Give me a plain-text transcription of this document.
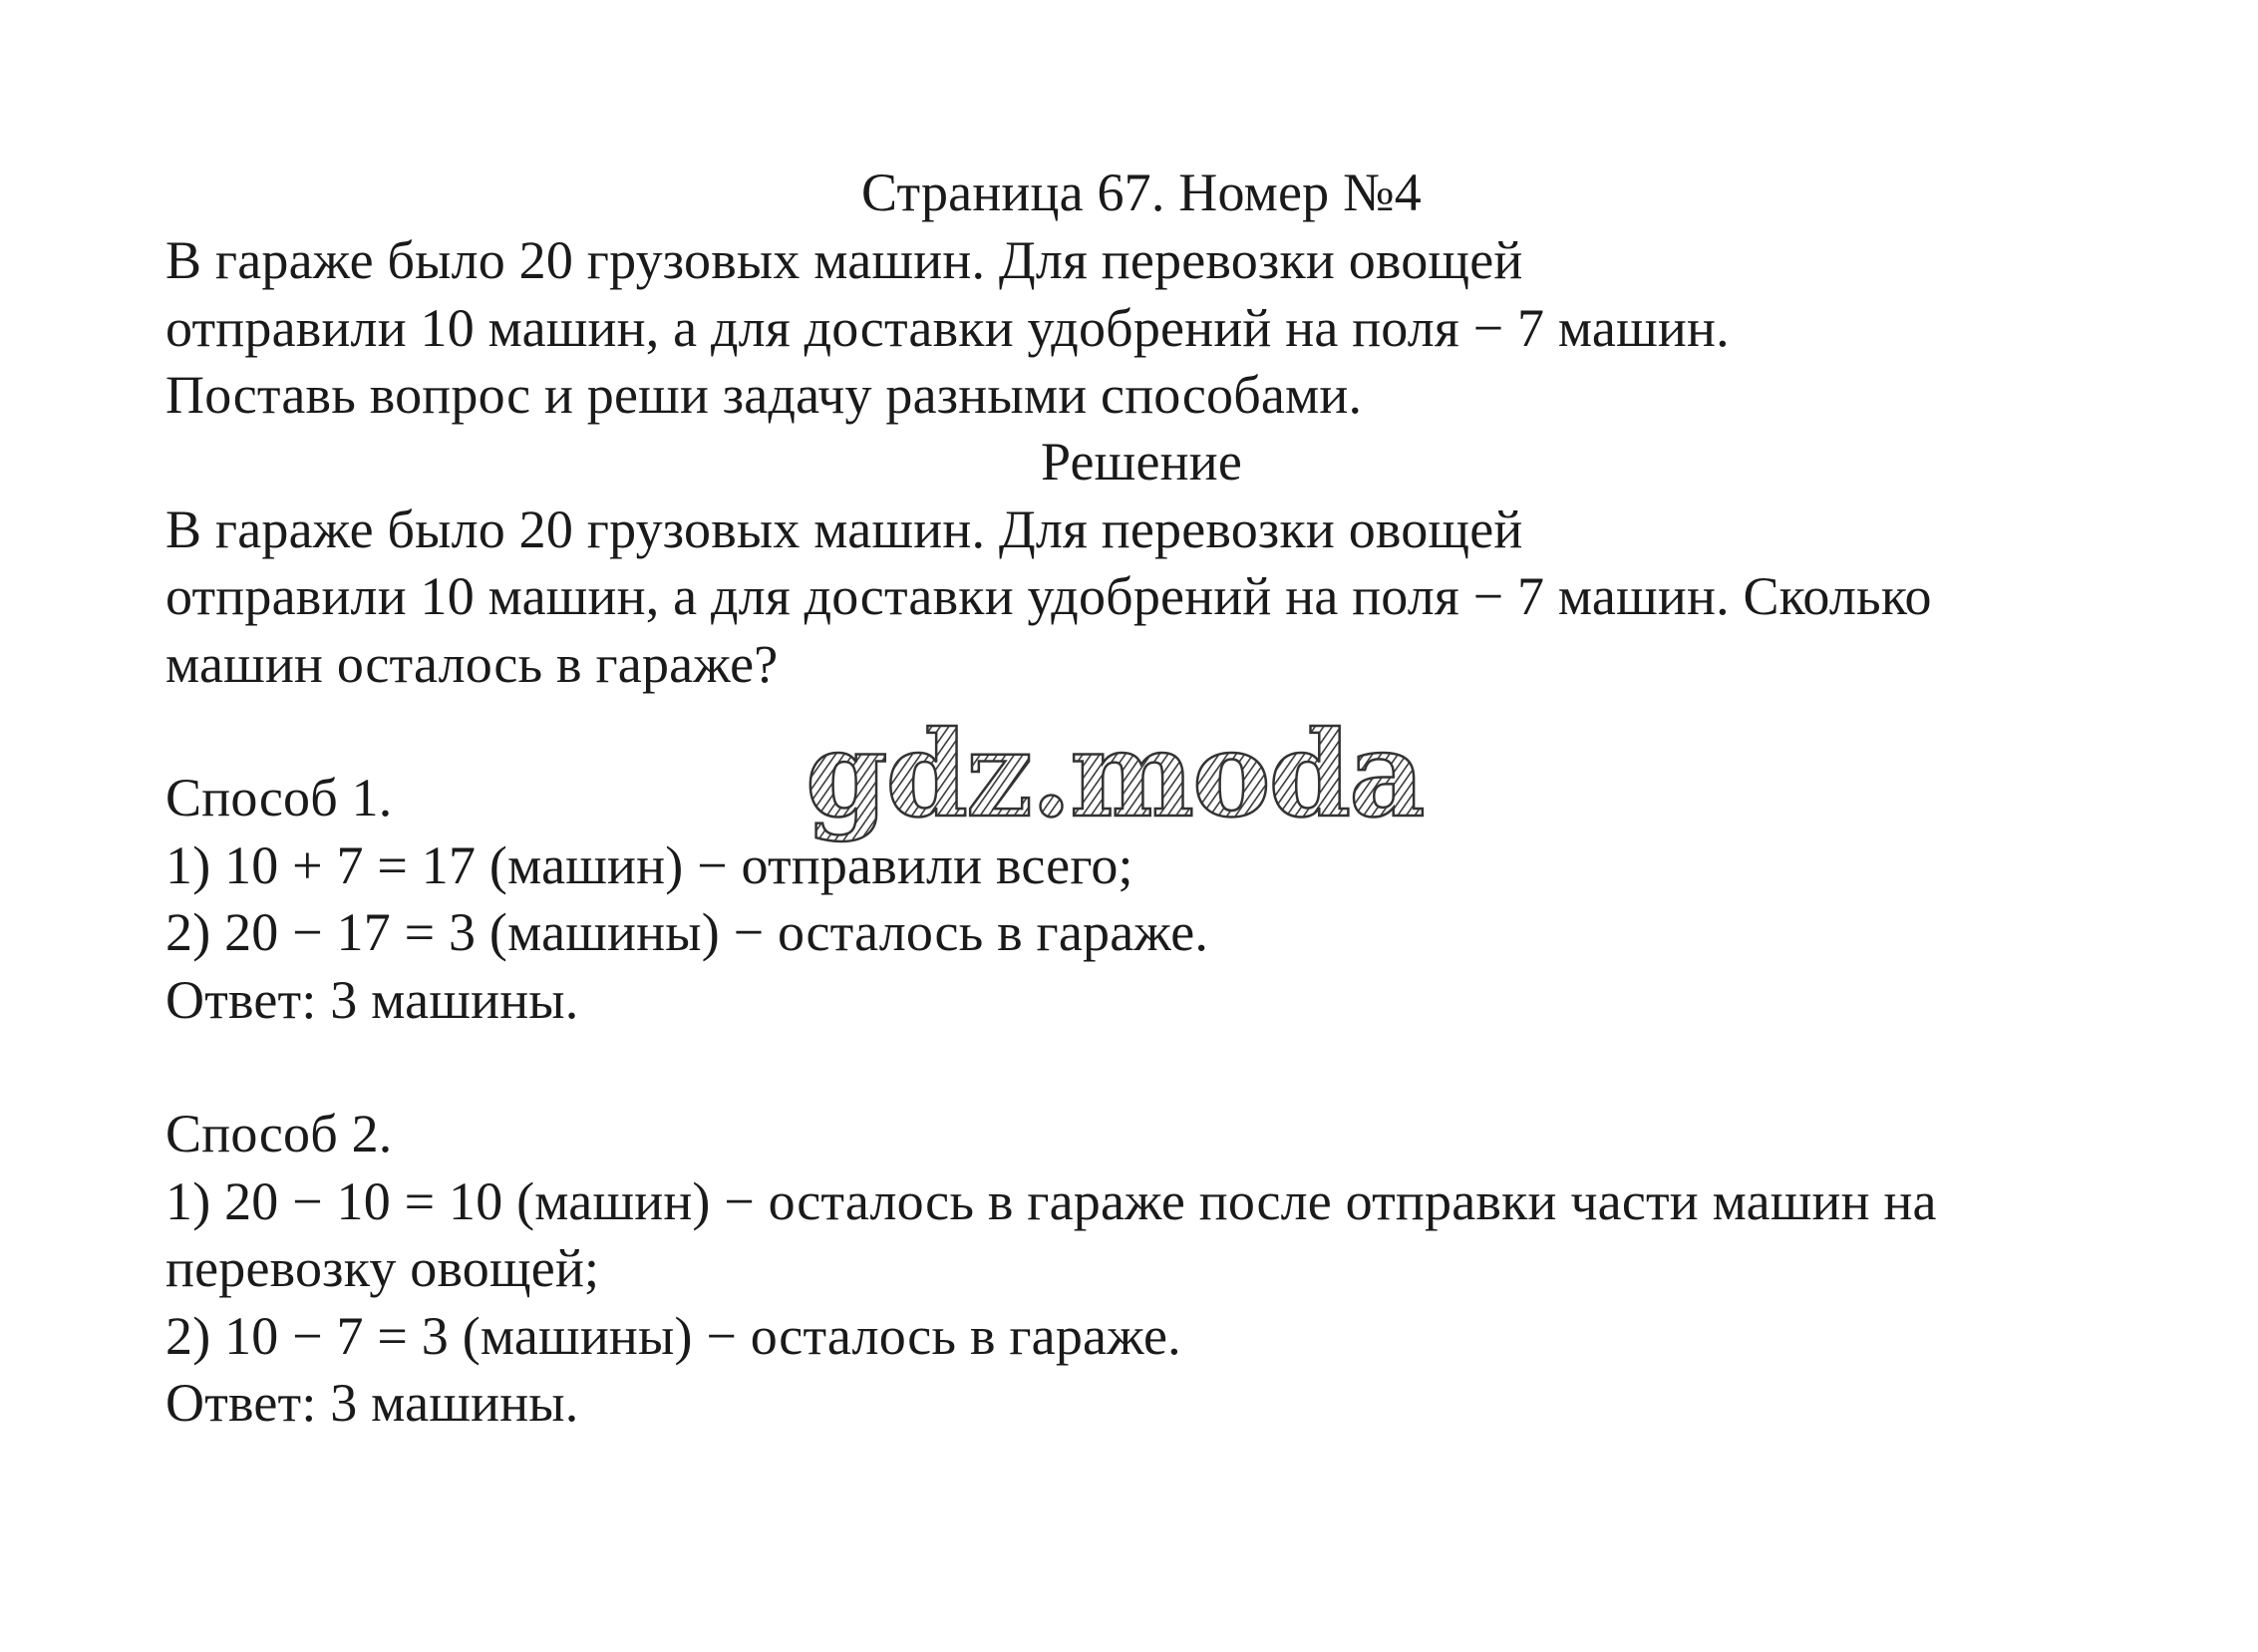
Страница 67. Номер №4
В гараже было 20 грузовых машин. Для перевозки овощей
отправили 10 машин, а для доставки удобрений на поля − 7 машин.
Поставь вопрос и реши задачу разными способами.
Решение
В гараже было 20 грузовых машин. Для перевозки овощей
отправили 10 машин, а для доставки удобрений на поля − 7 машин. Сколько
машин осталось в гараже?
Способ 1.
1) 10 + 7 = 17 (машин) − отправили всего;
2) 20 − 17 = 3 (машины) − осталось в гараже.
Ответ: 3 машины.
Способ 2.
1) 20 − 10 = 10 (машин) − осталось в гараже после отправки части машин на
перевозку овощей;
2) 10 − 7 = 3 (машины) − осталось в гараже.
Ответ: 3 машины.
gdz.moda
